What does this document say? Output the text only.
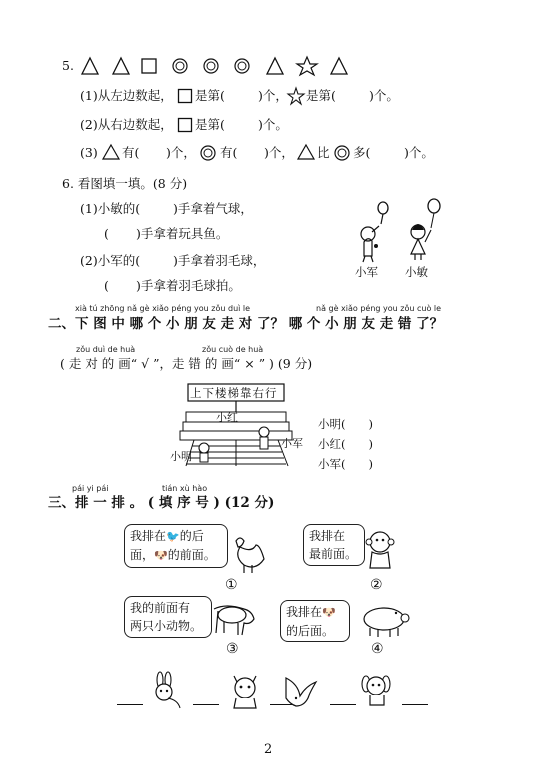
5.
(1)从左边数起， 是第(	)个， 是第(	)个。
(2)从右边数起， 是第(	)个。
(3) 有( )个， 有( )个， 比 多(	)个。
6. 看图填一填。(8 分)
(1)小敏的(	)手拿着气球，
( )手拿着玩具鱼。
(2)小军的(	)手拿着羽毛球，
( )手拿着羽毛球拍。
小军 小敏
xià tú zhōng nǎ gè xiǎo péng you zǒu duì le	nǎ gè xiǎo péng you zǒu cuò le
二、下 图 中 哪 个 小 朋 友 走 对 了？ 哪 个 小 朋 友 走 错 了？
zǒu duì de huà	zǒu cuò de huà
( 走 对 的 画“ √ ”，走 错 的 画“ × ” ) (9 分)
上下楼梯靠右行
小红
小明
小军
小明(　　)
小红(　　)
小军(　　)
pái yi pái	tián xù hào
三、排 一 排 。 ( 填 序 号 ) (12 分)
我排在🐦的后
面，🐶的前面。
①
我排在
最前面。
②
我的前面有
两只小动物。
③
我排在🐶
的后面。
④
2
